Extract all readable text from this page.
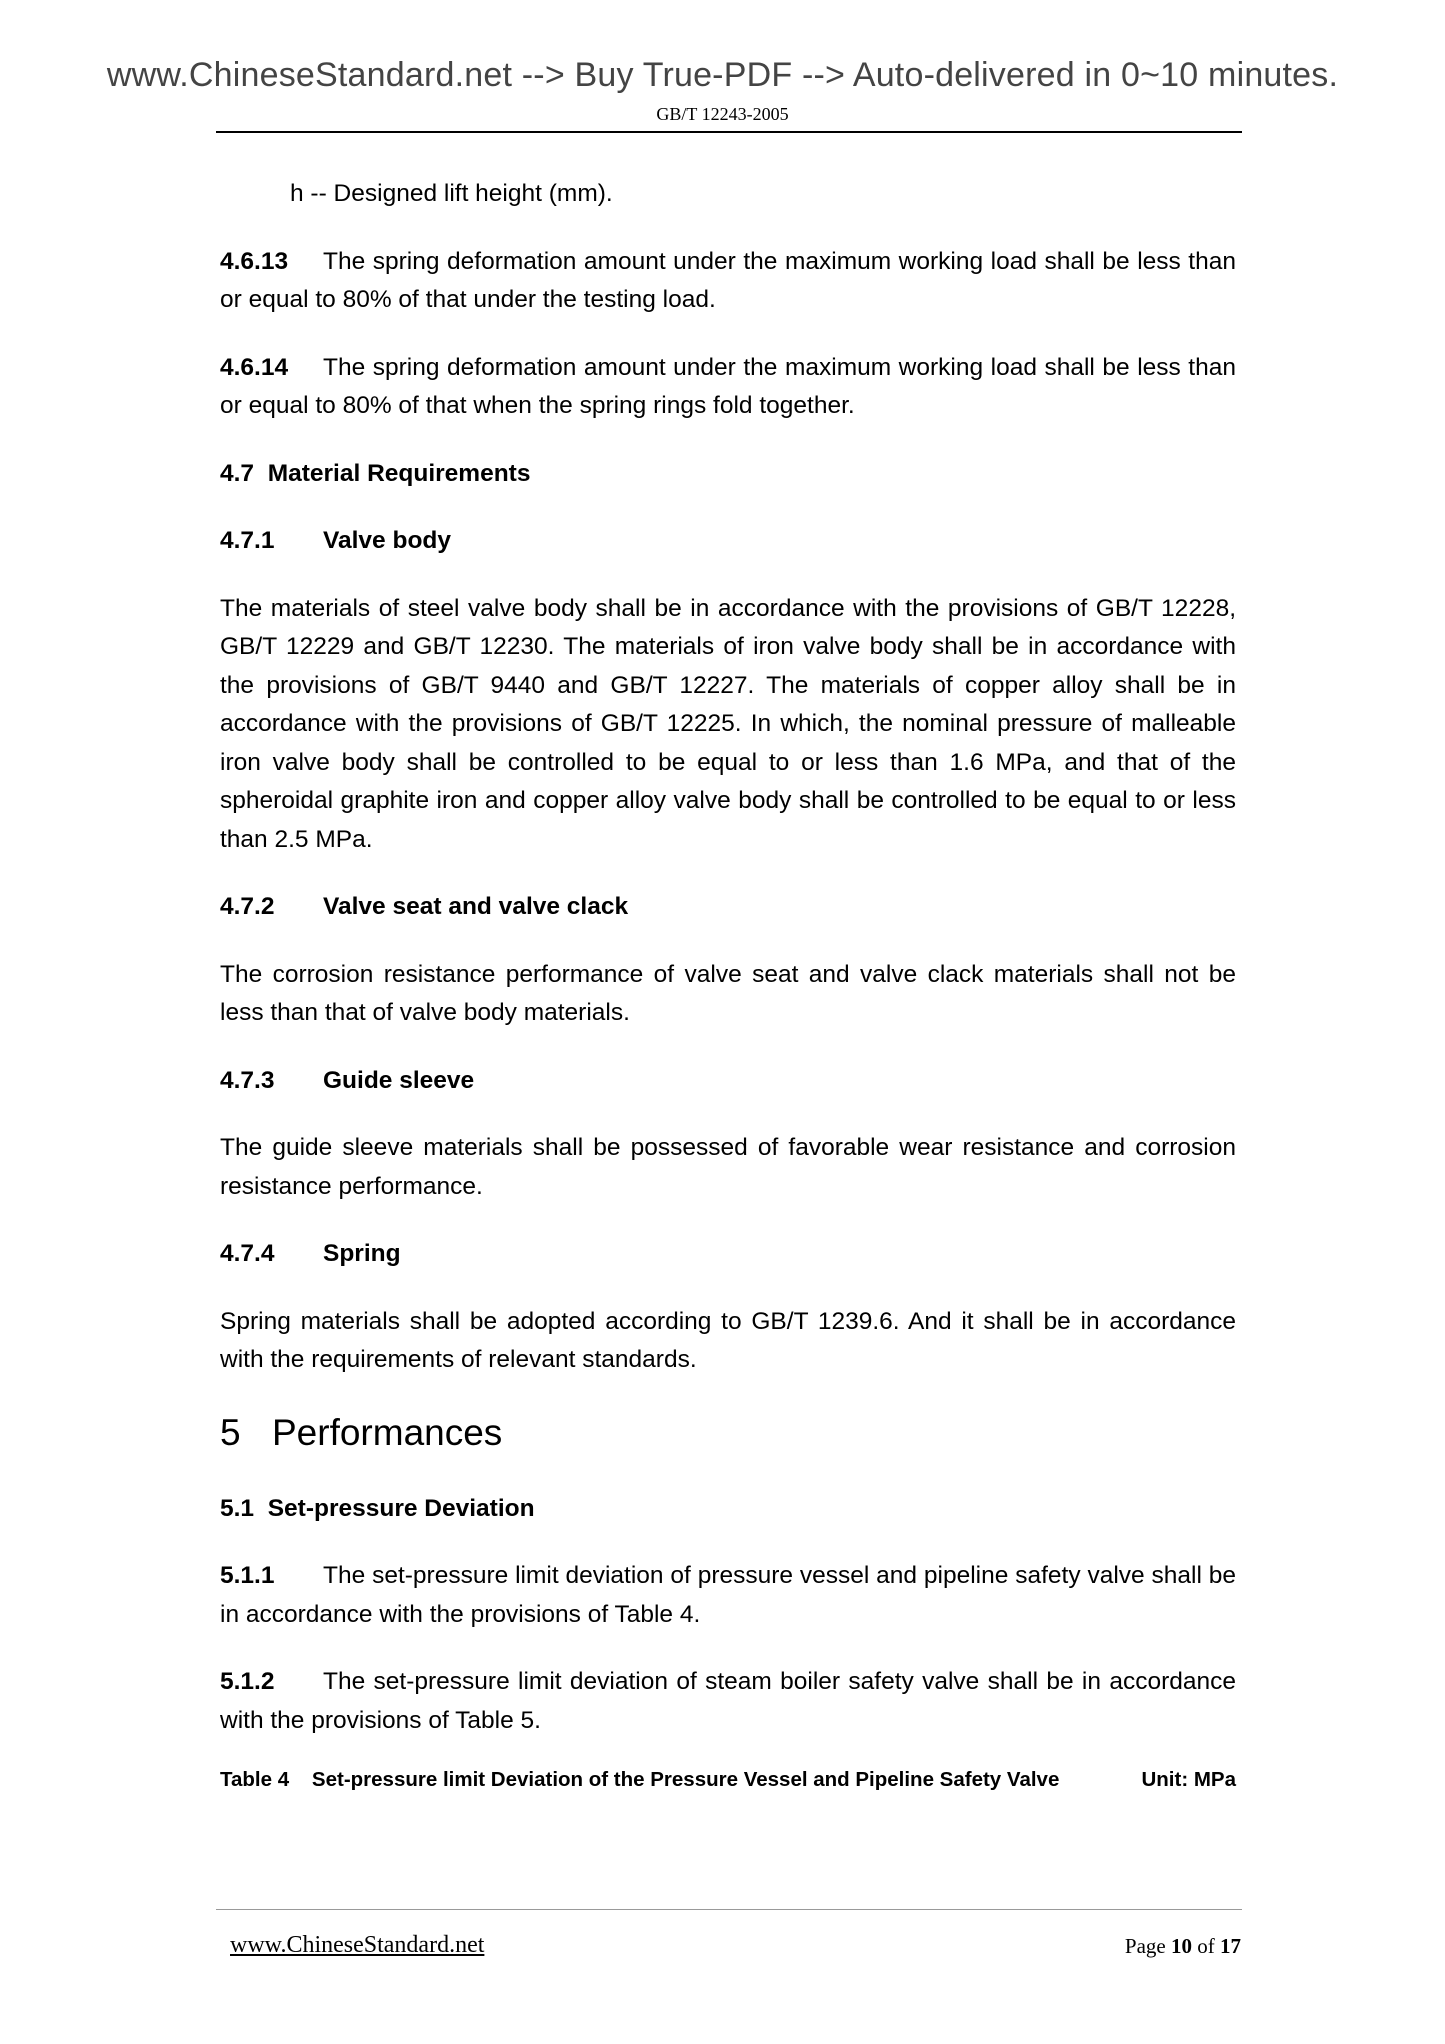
www.ChineseStandard.net --> Buy True-PDF --> Auto-delivered in 0~10 minutes.
GB/T 12243-2005

h -- Designed lift height (mm).

4.6.13 The spring deformation amount under the maximum working load shall be less than or equal to 80% of that under the testing load.

4.6.14 The spring deformation amount under the maximum working load shall be less than or equal to 80% of that when the spring rings fold together.

4.7 Material Requirements
4.7.1 Valve body

The materials of steel valve body shall be in accordance with the provisions of GB/T 12228, GB/T 12229 and GB/T 12230. The materials of iron valve body shall be in accordance with the provisions of GB/T 9440 and GB/T 12227. The materials of copper alloy shall be in accordance with the provisions of GB/T 12225. In which, the nominal pressure of malleable iron valve body shall be controlled to be equal to or less than 1.6 MPa, and that of the spheroidal graphite iron and copper alloy valve body shall be controlled to be equal to or less than 2.5 MPa.

4.7.2 Valve seat and valve clack

The corrosion resistance performance of valve seat and valve clack materials shall not be less than that of valve body materials.

4.7.3 Guide sleeve

The guide sleeve materials shall be possessed of favorable wear resistance and corrosion resistance performance.

4.7.4 Spring

Spring materials shall be adopted according to GB/T 1239.6. And it shall be in accordance with the requirements of relevant standards.

5 Performances
5.1 Set-pressure Deviation

5.1.1 The set-pressure limit deviation of pressure vessel and pipeline safety valve shall be in accordance with the provisions of Table 4.

5.1.2 The set-pressure limit deviation of steam boiler safety valve shall be in accordance with the provisions of Table 5.

Table 4 Set-pressure limit Deviation of the Pressure Vessel and Pipeline Safety Valve	Unit: MPa
www.ChineseStandard.net	Page 10 of 17
